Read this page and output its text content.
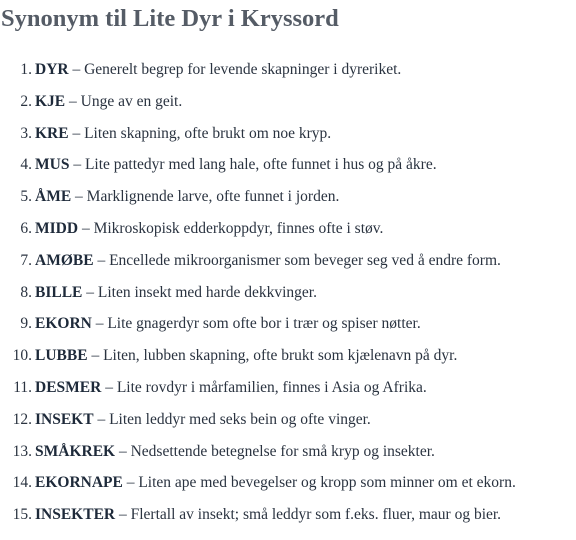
Synonym til Lite Dyr i Kryssord
1. DYR – Generelt begrep for levende skapninger i dyreriket.
2. KJE – Unge av en geit.
3. KRE – Liten skapning, ofte brukt om noe kryp.
4. MUS – Lite pattedyr med lang hale, ofte funnet i hus og på åkre.
5. ÅME – Marklignende larve, ofte funnet i jorden.
6. MIDD – Mikroskopisk edderkoppdyr, finnes ofte i støv.
7. AMØBE – Encellede mikroorganismer som beveger seg ved å endre form.
8. BILLE – Liten insekt med harde dekkvinger.
9. EKORN – Lite gnagerdyr som ofte bor i trær og spiser nøtter.
10. LUBBE – Liten, lubben skapning, ofte brukt som kjælenavn på dyr.
11. DESMER – Lite rovdyr i mårfamilien, finnes i Asia og Afrika.
12. INSEKT – Liten leddyr med seks bein og ofte vinger.
13. SMÅKREK – Nedsettende betegnelse for små kryp og insekter.
14. EKORNAPE – Liten ape med bevegelser og kropp som minner om et ekorn.
15. INSEKTER – Flertall av insekt; små leddyr som f.eks. fluer, maur og bier.
